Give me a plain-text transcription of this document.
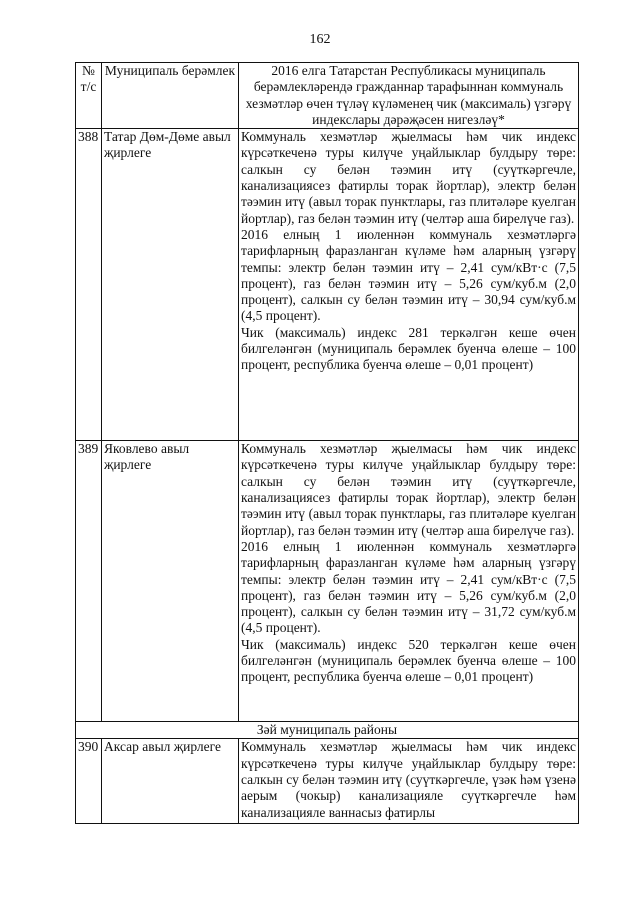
162
№ т/с	Муниципаль берәмлек	2016 елга Татарстан Республикасы муниципаль берәмлекләрендә гражданнар тарафыннан коммуналь хезмәтләр өчен түләү күләменең чик (максималь) үзгәрү индекслары дәрәҗәсен нигезләү*
388	Татар Дөм-Дөме авыл җирлеге	Коммуналь хезмәтләр җыелмасы һәм чик индекс күрсәткеченә туры килүче уңайлыклар булдыру төре: салкын су белән тәэмин итү (суүткәргечле, канализациясез фатирлы торак йортлар), электр белән тәэмин итү (авыл торак пунктлары, газ плитәләре куелган йортлар), газ белән тәэмин итү (челтәр аша бирелүче газ).

2016 елның 1 июленнән коммуналь хезмәтләргә тарифларның фаразланган күләме һәм аларның үзгәрү темпы: электр белән тәэмин итү – 2,41 сум/кВт·с (7,5 процент), газ белән тәэмин итү – 5,26 сум/куб.м (2,0 процент), салкын су белән тәэмин итү – 30,94 сум/куб.м (4,5 процент).

Чик (максималь) индекс 281 теркәлгән кеше өчен билгеләнгән (муниципаль берәмлек буенча өлеше – 100 процент, республика буенча өлеше – 0,01 процент)

389	Яковлево авыл җирлеге	Коммуналь хезмәтләр җыелмасы һәм чик индекс күрсәткеченә туры килүче уңайлыклар булдыру төре: салкын су белән тәэмин итү (суүткәргечле, канализациясез фатирлы торак йортлар), электр белән тәэмин итү (авыл торак пунктлары, газ плитәләре куелган йортлар), газ белән тәэмин итү (челтәр аша бирелүче газ).

2016 елның 1 июленнән коммуналь хезмәтләргә тарифларның фаразланган күләме һәм аларның үзгәрү темпы: электр белән тәэмин итү – 2,41 сум/кВт·с (7,5 процент), газ белән тәэмин итү – 5,26 сум/куб.м (2,0 процент), салкын су белән тәэмин итү – 31,72 сум/куб.м (4,5 процент).

Чик (максималь) индекс 520 теркәлгән кеше өчен билгеләнгән (муниципаль берәмлек буенча өлеше – 100 процент, республика буенча өлеше – 0,01 процент)

Зәй муниципаль районы		
390	Аксар авыл җирлеге	Коммуналь хезмәтләр җыелмасы һәм чик индекс күрсәткеченә туры килүче уңайлыклар булдыру төре: салкын су белән тәэмин итү (суүткәргечле, үзәк һәм үзенә аерым (чокыр) канализацияле суүткәргечле һәм канализацияле ваннасыз фатирлы
